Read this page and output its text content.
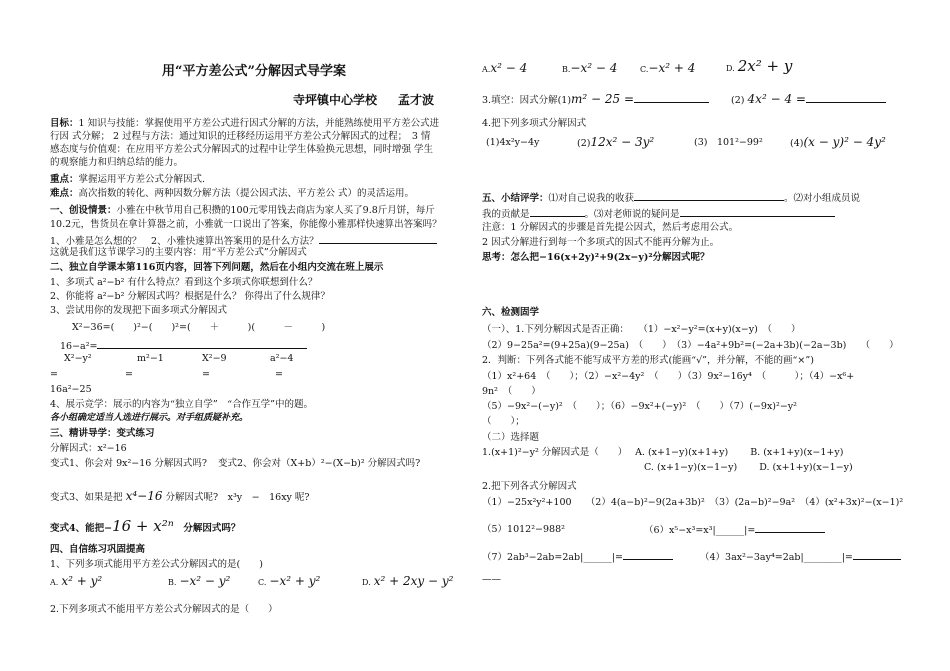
用“平方差公式”分解因式导学案
寺坪镇中心学校 孟才波
目标：1 知识与技能：掌握使用平方差公式进行因式分解的方法，并能熟练使用平方差公式进
行因 式分解； 2 过程与方法：通过知识的迁移经历运用平方差公式分解因式的过程；　3 情
感态度与价值观：在应用平方差公式分解因式的过程中让学生体验换元思想，同时增强 学生
的观察能力和归纳总结的能力。
重点：掌握运用平方差公式分解因式.
难点：高次指数的转化、两种因数分解方法（提公因式法、平方差公 式）的灵活运用。
一、创设情景：小雅在中秋节用自己积攒的100元零用钱去商店为家人买了9.8斤月饼，每斤
10.2元，售货员在拿计算器之前，小雅就一口说出了答案，你能像小雅那样快速算出答案吗？
1、小雅是怎么想的？　2、小雅快速算出答案用的是什么方法？
这就是我们这节课学习的主要内容：用“平方差公式”分解因式
二、独立自学课本第116页内容，回答下列问题，然后在小组内交流在班上展示
1、多项式 a²−b² 有什么特点？看到这个多项式你联想到什么？
2、你能将 a²−b² 分解因式吗？根据是什么？ 你得出了什么规律？
3、尝试用你的发现把下面多项式分解因式
X²−36=(　　)²−(　　)²=(　　＋　　　)(　　　－　　　)
16−a²=
X²−y²	m²−1	X²−9	a²−4
=	=	=	=
16a²−25
4、展示竞学：展示的内容为“独立自学”　“合作互学”中的题。
各小组确定适当人选进行展示。对手组质疑补充。
三、精讲导学：变式练习
分解因式：x²−16
变式1、你会对 9x²−16 分解因式吗? 变式2、你会对（X+b）²−(X−b)² 分解因式吗?
变式3、如果是把 x⁴−16 分解因式呢?　x³y　−　16xy 呢?
变式4、能把−16 + x²ⁿ　 分解因式吗？
四、自信练习巩固提高
1、下列多项式能用平方差公式分解因式的是(　　)
A. x² + y²	B. −x² − y²	C. −x² + y²	D. x² + 2xy − y²
2.下列多项式不能用平方差公式分解因式的是（　　）
A.x² − 4	B.−x² − 4	C.−x² + 4	D. 2x² + y
3.填空：因式分解(1)m² − 25 =	(2) 4x² − 4 =
4.把下列多项式分解因式
(1)4x²y−4y	(2)12x² − 3y²	(3)　101²−99²	(4)(x − y)² − 4y²
五、小结评学：⑴对自己说我的收获	。⑵对小组成员说
我的贡献是	。⑶对老师说的疑问是
注意：1 分解因式的步骤是首先提公因式，然后考虑用公式。
2 因式分解进行到每一个多项式的因式不能再分解为止。
思考：怎么把−16(x+2y)²+9(2x−y)²分解因式呢？
六、检测固学
（一）、1.下列分解因式是否正确：　　（1）−x²−y²=(x+y)(x−y)　（　　）
（2）9−25a²=(9+25a)(9−25a)　（　　）　（3）−4a²+9b²=(−2a+3b)(−2a−3b)　　（　　）
2．判断：下列各式能不能写成平方差的形式(能画“√”，并分解，不能的画“×”)
（1）x²+64　（　　）；（2）−x²−4y²　（　　）（3）9x²−16y⁴　（　　　）；（4）−x⁶+
9n²　（　　）
（5）−9x²−(−y)²　（　　）；（6）−9x²+(−y)²　（　　）（7）(−9x)²−y²
（　　）；
（二）选择题
1.(x+1)²−y² 分解因式是（　　）　 A. (x+1−y)(x+1+y)　　 B. (x+1+y)(x−1+y)
C. (x+1−y)(x−1−y)　　 D. (x+1+y)(x−1−y)
2.把下列各式分解因式
（1）−25x²y²+100　　（2）4(a−b)²−9(2a+3b)²　（3）(2a−b)²−9a²　（4）(x²+3x)²−(x−1)²
（5）1012²−988²	（6）x⁵−x³=x³|______|=
（7）2ab³−2ab=2ab|______|=	（4）3ax²−3ay⁴=2ab|________|=
——
